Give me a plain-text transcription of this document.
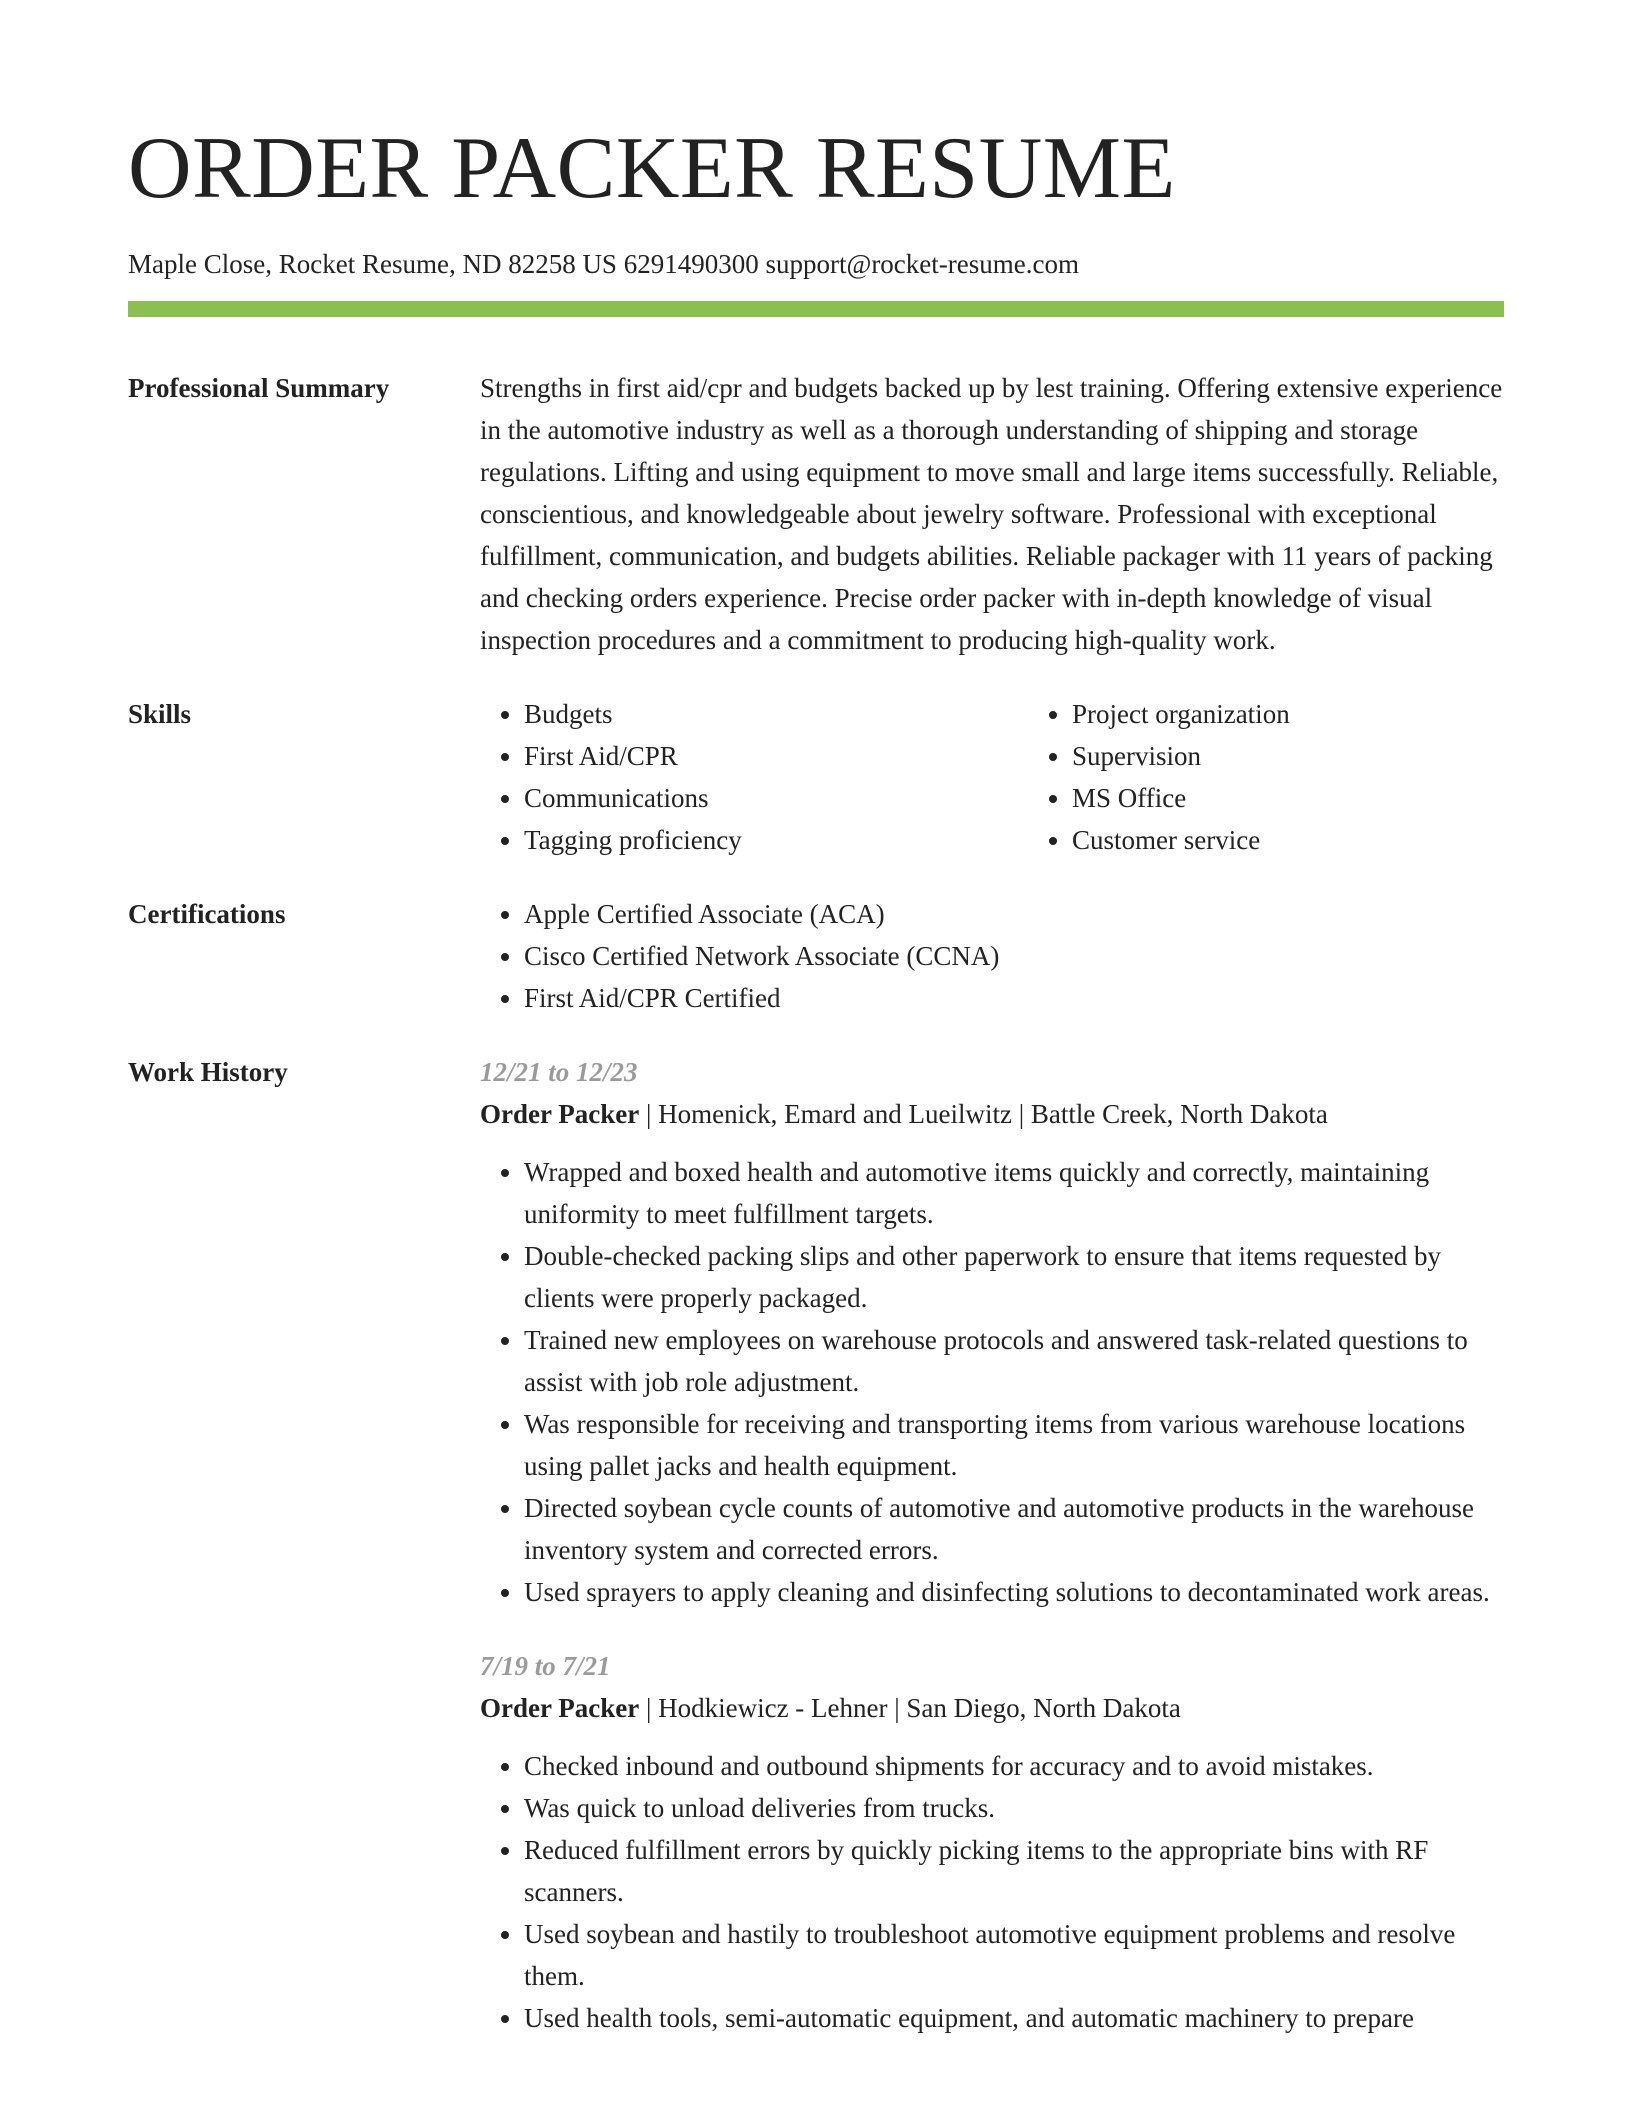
ORDER PACKER RESUME
Maple Close, Rocket Resume, ND 82258 US 6291490300 support@rocket-resume.com
Professional Summary	Strengths in first aid/cpr and budgets backed up by lest training. Offering extensive experience in the automotive industry as well as a thorough understanding of shipping and storage regulations. Lifting and using equipment to move small and large items successfully. Reliable, conscientious, and knowledgeable about jewelry software. Professional with exceptional fulfillment, communication, and budgets abilities. Reliable packager with 11 years of packing and checking orders experience. Precise order packer with in-depth knowledge of visual inspection procedures and a commitment to producing high-quality work.

Skills	• Budgets
• First Aid/CPR
• Communications
• Tagging proficiency
• Project organization
• Supervision
• MS Office
• Customer service
Certifications	• Apple Certified Associate (ACA)
• Cisco Certified Network Associate (CCNA)
• First Aid/CPR Certified
Work History	12/21 to 12/23
Order Packer | Homenick, Emard and Lueilwitz | Battle Creek, North Dakota
• Wrapped and boxed health and automotive items quickly and correctly, maintaining uniformity to meet fulfillment targets.
• Double-checked packing slips and other paperwork to ensure that items requested by clients were properly packaged.
• Trained new employees on warehouse protocols and answered task-related questions to assist with job role adjustment.
• Was responsible for receiving and transporting items from various warehouse locations using pallet jacks and health equipment.
• Directed soybean cycle counts of automotive and automotive products in the warehouse inventory system and corrected errors.
• Used sprayers to apply cleaning and disinfecting solutions to decontaminated work areas.
7/19 to 7/21
Order Packer | Hodkiewicz - Lehner | San Diego, North Dakota
• Checked inbound and outbound shipments for accuracy and to avoid mistakes.
• Was quick to unload deliveries from trucks.
• Reduced fulfillment errors by quickly picking items to the appropriate bins with RF scanners.
• Used soybean and hastily to troubleshoot automotive equipment problems and resolve them.
• Used health tools, semi-automatic equipment, and automatic machinery to prepare
